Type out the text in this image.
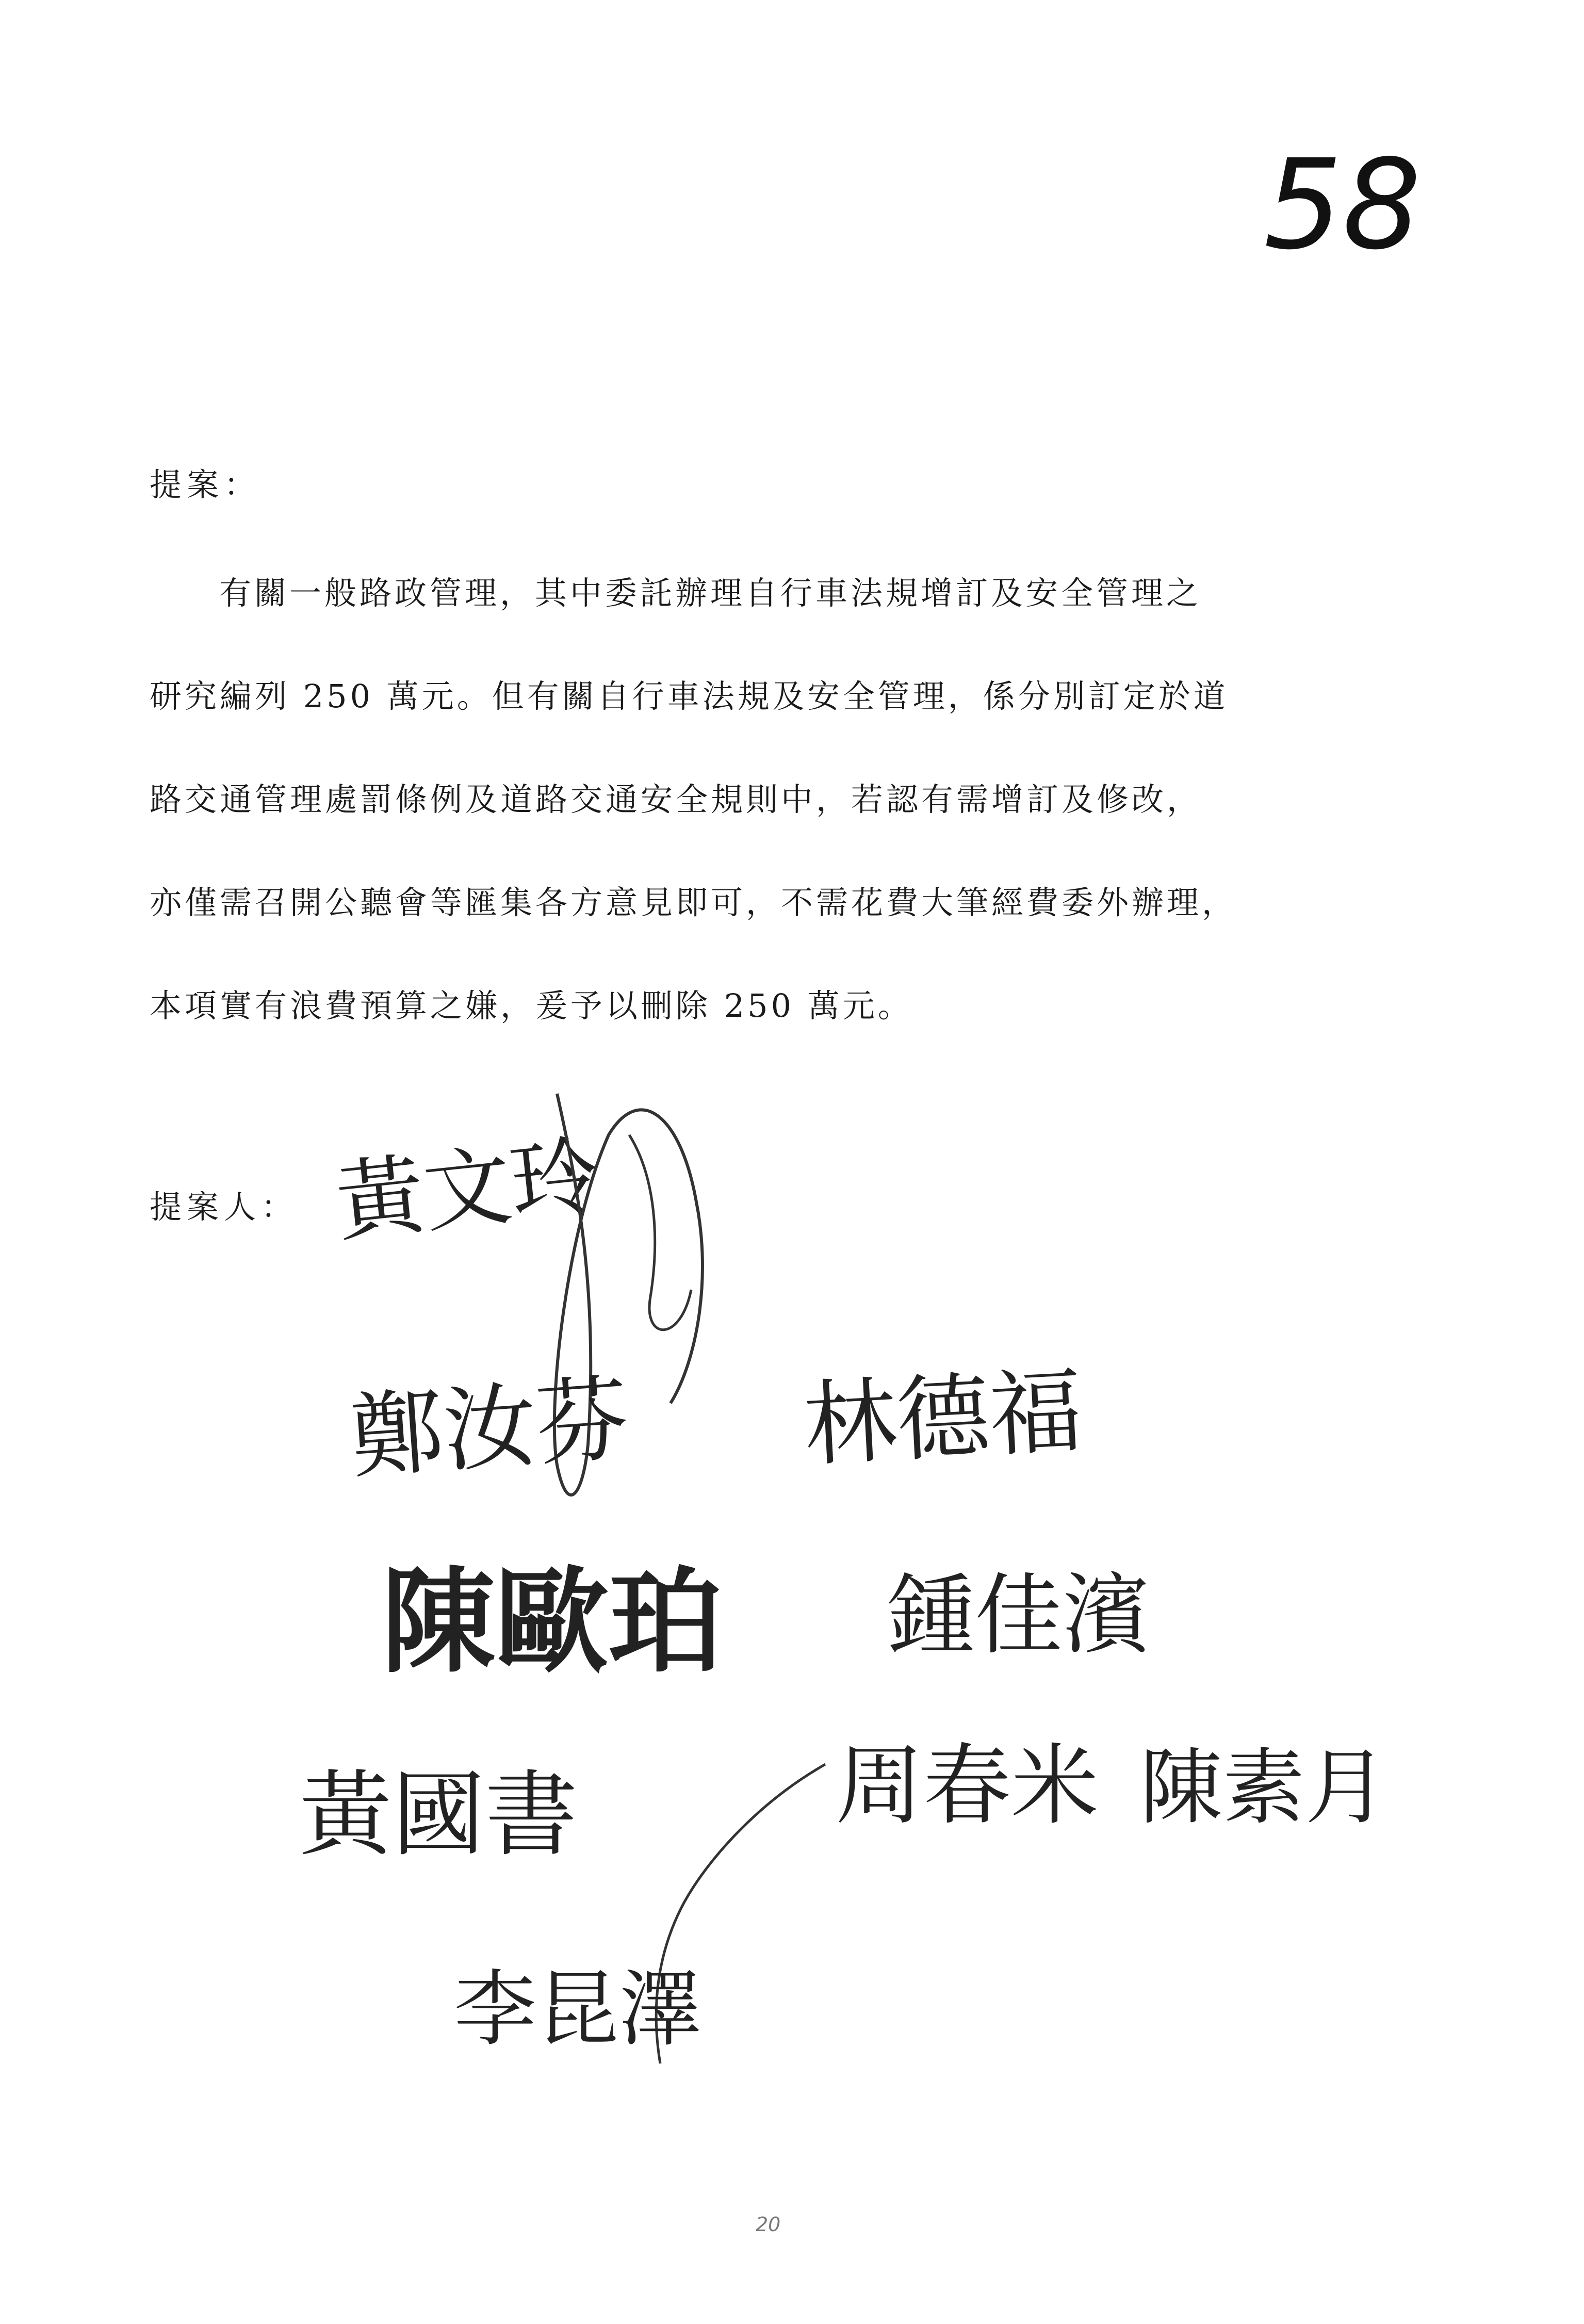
58
提案：
有關一般路政管理，其中委託辦理自行車法規增訂及安全管理之
研究編列 250 萬元。但有關自行車法規及安全管理，係分別訂定於道
路交通管理處罰條例及道路交通安全規則中，若認有需增訂及修改，
亦僅需召開公聽會等匯集各方意見即可，不需花費大筆經費委外辦理，
本項實有浪費預算之嫌，爰予以刪除 250 萬元。
提案人： 黃文玲
鄭汝芬 林德福
陳歐珀 鍾佳濱
黃國書	周春米 陳素月
李昆澤
20
